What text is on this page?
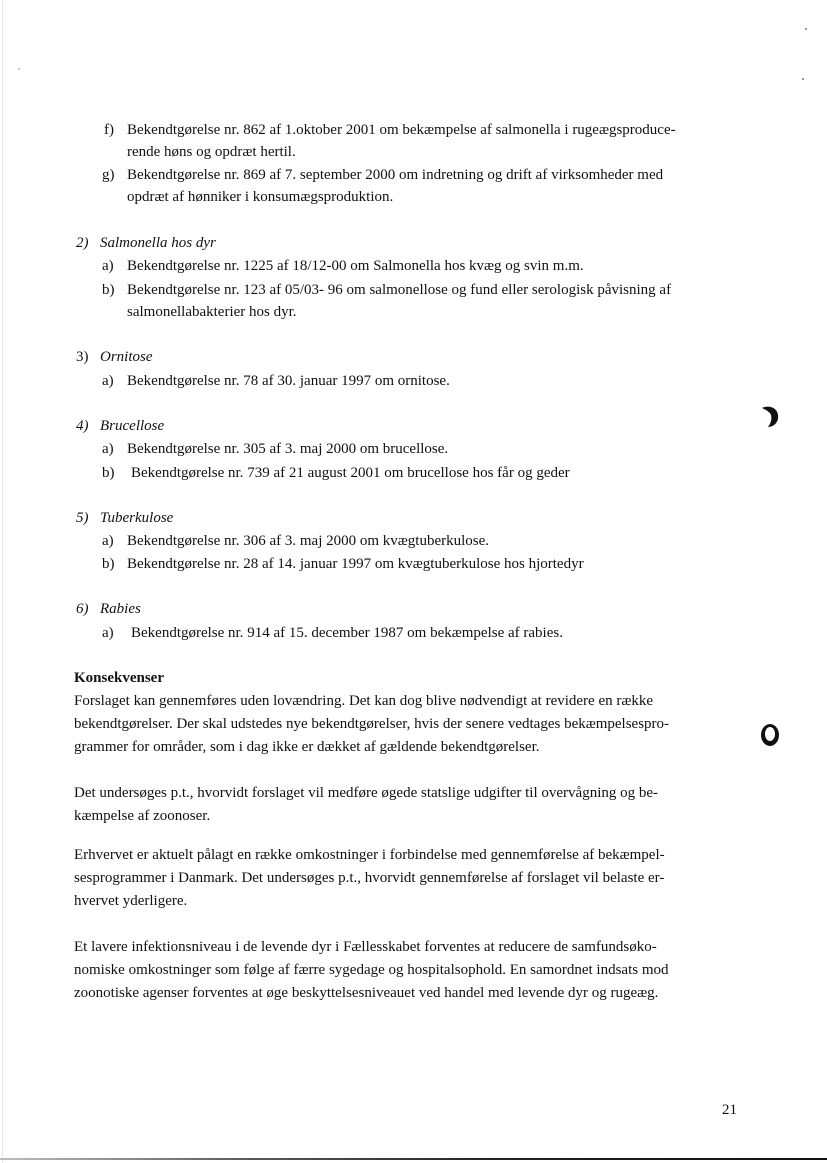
f) Bekendtgørelse nr. 862 af 1.oktober 2001 om bekæmpelse af salmonella i rugeægsproduce-
rende høns og opdræt hertil.
g) Bekendtgørelse nr. 869 af 7. september 2000 om indretning og drift af virksomheder med
opdræt af hønniker i konsumægsproduktion.
2) Salmonella hos dyr
a) Bekendtgørelse nr. 1225 af 18/12-00 om Salmonella hos kvæg og svin m.m.
b) Bekendtgørelse nr. 123 af 05/03- 96 om salmonellose og fund eller serologisk påvisning af
salmonellabakterier hos dyr.
3) Ornitose
a) Bekendtgørelse nr. 78 af 30. januar 1997 om ornitose.
4) Brucellose
a) Bekendtgørelse nr. 305 af 3. maj 2000 om brucellose.
b) Bekendtgørelse nr. 739 af 21 august 2001 om brucellose hos får og geder
5) Tuberkulose
a) Bekendtgørelse nr. 306 af 3. maj 2000 om kvægtuberkulose.
b) Bekendtgørelse nr. 28 af 14. januar 1997 om kvægtuberkulose hos hjortedyr
6) Rabies
a) Bekendtgørelse nr. 914 af 15. december 1987 om bekæmpelse af rabies.
Konsekvenser
Forslaget kan gennemføres uden lovændring. Det kan dog blive nødvendigt at revidere en række
bekendtgørelser. Der skal udstedes nye bekendtgørelser, hvis der senere vedtages bekæmpelsespro-
grammer for områder, som i dag ikke er dækket af gældende bekendtgørelser.
Det undersøges p.t., hvorvidt forslaget vil medføre øgede statslige udgifter til overvågning og be-
kæmpelse af zoonoser.
Erhvervet er aktuelt pålagt en række omkostninger i forbindelse med gennemførelse af bekæmpel-
sesprogrammer i Danmark. Det undersøges p.t., hvorvidt gennemførelse af forslaget vil belaste er-
hvervet yderligere.
Et lavere infektionsniveau i de levende dyr i Fællesskabet forventes at reducere de samfundsøko-
nomiske omkostninger som følge af færre sygedage og hospitalsophold. En samordnet indsats mod
zoonotiske agenser forventes at øge beskyttelsesniveauet ved handel med levende dyr og rugeæg.
21
